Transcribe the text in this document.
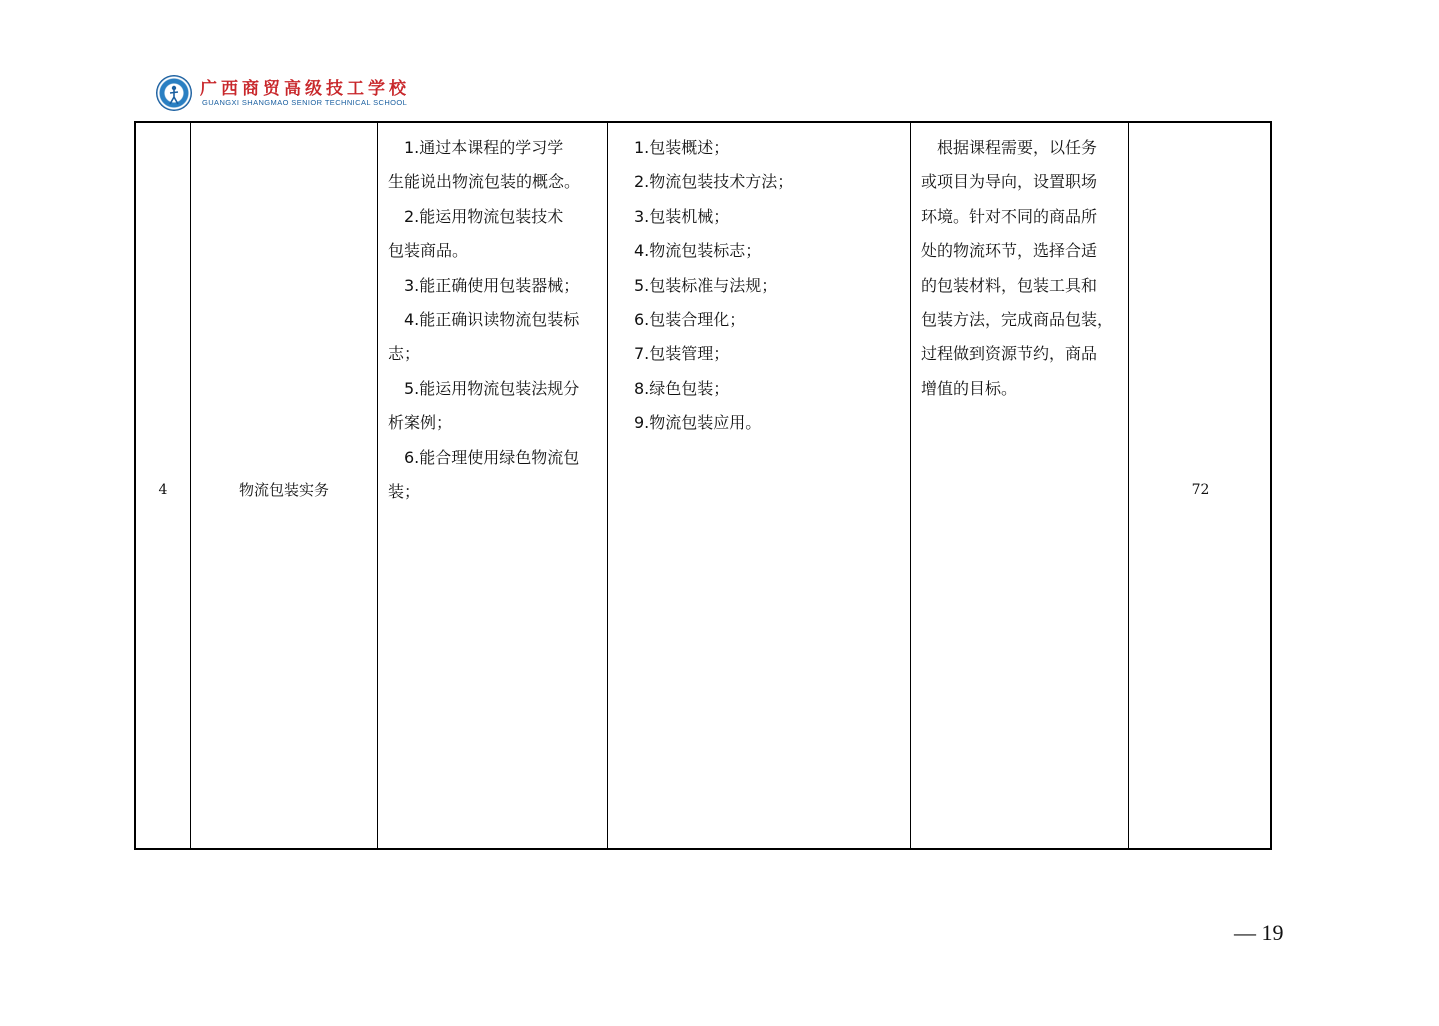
广西商贸高级技工学校
GUANGXI SHANGMAO SENIOR TECHNICAL SCHOOL
4	物流包装实务
　1.通过本课程的学习学
生能说出物流包装的概念。
　2.能运用物流包装技术
包装商品。
　3.能正确使用包装器械；
　4.能正确识读物流包装标
志；
　5.能运用物流包装法规分
析案例；
　6.能合理使用绿色物流包
装；
1.包装概述；
2.物流包装技术方法；
3.包装机械；
4.物流包装标志；
5.包装标准与法规；
6.包装合理化；
7.包装管理；
8.绿色包装；
9.物流包装应用。
　根据课程需要，以任务
或项目为导向，设置职场
环境。针对不同的商品所
处的物流环节，选择合适
的包装材料，包装工具和
包装方法，完成商品包装，
过程做到资源节约，商品
增值的目标。
72
— 19
